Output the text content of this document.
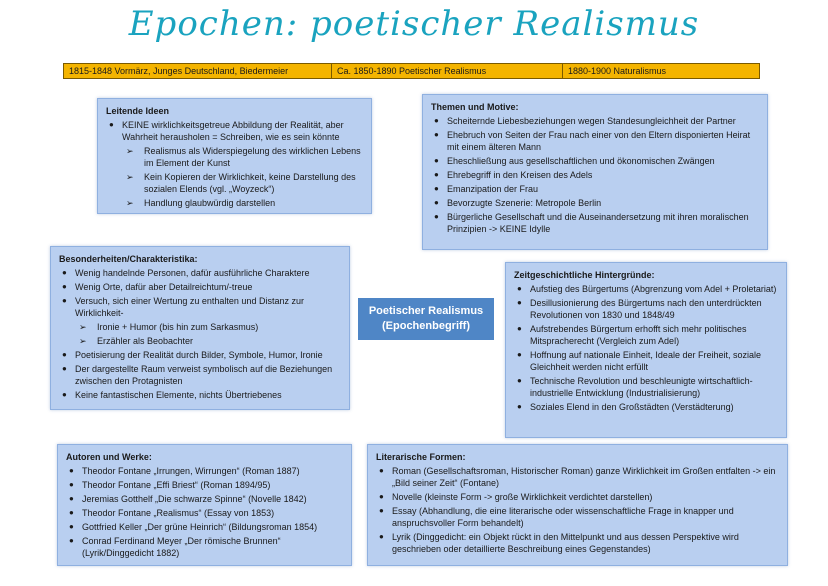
Epochen: poetischer Realismus
1815-1848 Vormärz, Junges Deutschland, Biedermeier	Ca. 1850-1890 Poetischer Realismus	1880-1900 Naturalismus
Leitende Ideen
● KEINE wirklichkeitsgetreue Abbildung der Realität, aber Wahrheit herausholen = Schreiben, wie es sein könnte
➢ Realismus als Widerspiegelung des wirklichen Lebens im Element der Kunst
➢ Kein Kopieren der Wirklichkeit, keine Darstellung des sozialen Elends (vgl. „Woyzeck“)
➢ Handlung glaubwürdig darstellen
Themen und Motive:
● Scheiternde Liebesbeziehungen wegen Standesungleichheit der Partner
● Ehebruch von Seiten der Frau nach einer von den Eltern disponierten Heirat mit einem älteren Mann
● Eheschließung aus gesellschaftlichen und ökonomischen Zwängen
● Ehrebegriff in den Kreisen des Adels
● Emanzipation der Frau
● Bevorzugte Szenerie: Metropole Berlin
● Bürgerliche Gesellschaft und die Auseinandersetzung mit ihren moralischen Prinzipien -> KEINE Idylle
Besonderheiten/Charakteristika:
● Wenig handelnde Personen, dafür ausführliche Charaktere
● Wenig Orte, dafür aber Detailreichtum/-treue
● Versuch, sich einer Wertung zu enthalten und Distanz zur Wirklichkeit-
➢ Ironie + Humor (bis hin zum Sarkasmus)
➢ Erzähler als Beobachter
● Poetisierung der Realität durch Bilder, Symbole, Humor, Ironie
● Der dargestellte Raum verweist symbolisch auf die Beziehungen zwischen den Protagnisten
● Keine fantastischen Elemente, nichts Übertriebenes
Poetischer Realismus
(Epochenbegriff)
Zeitgeschichtliche Hintergründe:
● Aufstieg des Bürgertums (Abgrenzung vom Adel + Proletariat)
● Desillusionierung des Bürgertums nach den unterdrückten Revolutionen von 1830 und 1848/49
● Aufstrebendes Bürgertum erhofft sich mehr politisches Mitspracherecht (Vergleich zum Adel)
● Hoffnung auf nationale Einheit, Ideale der Freiheit, soziale Gleichheit werden nicht erfüllt
● Technische Revolution und beschleunigte wirtschaftlich-industrielle Entwicklung (Industrialisierung)
● Soziales Elend in den Großstädten (Verstädterung)
Autoren und Werke:
● Theodor Fontane „Irrungen, Wirrungen“ (Roman 1887)
● Theodor Fontane „Effi Briest“ (Roman 1894/95)
● Jeremias Gotthelf „Die schwarze Spinne“ (Novelle 1842)
● Theodor Fontane „Realismus“ (Essay von 1853)
● Gottfried Keller „Der grüne Heinrich“ (Bildungsroman 1854)
● Conrad Ferdinand Meyer „Der römische Brunnen“ (Lyrik/Dinggedicht 1882)
Literarische Formen:
● Roman (Gesellschaftsroman, Historischer Roman) ganze Wirklichkeit im Großen entfalten -> ein „Bild seiner Zeit“ (Fontane)
● Novelle (kleinste Form -> große Wirklichkeit verdichtet darstellen)
● Essay (Abhandlung, die eine literarische oder wissenschaftliche Frage in knapper und anspruchsvoller Form behandelt)
● Lyrik (Dinggedicht: ein Objekt rückt in den Mittelpunkt und aus dessen Perspektive wird geschrieben oder detaillierte Beschreibung eines Gegenstandes)
